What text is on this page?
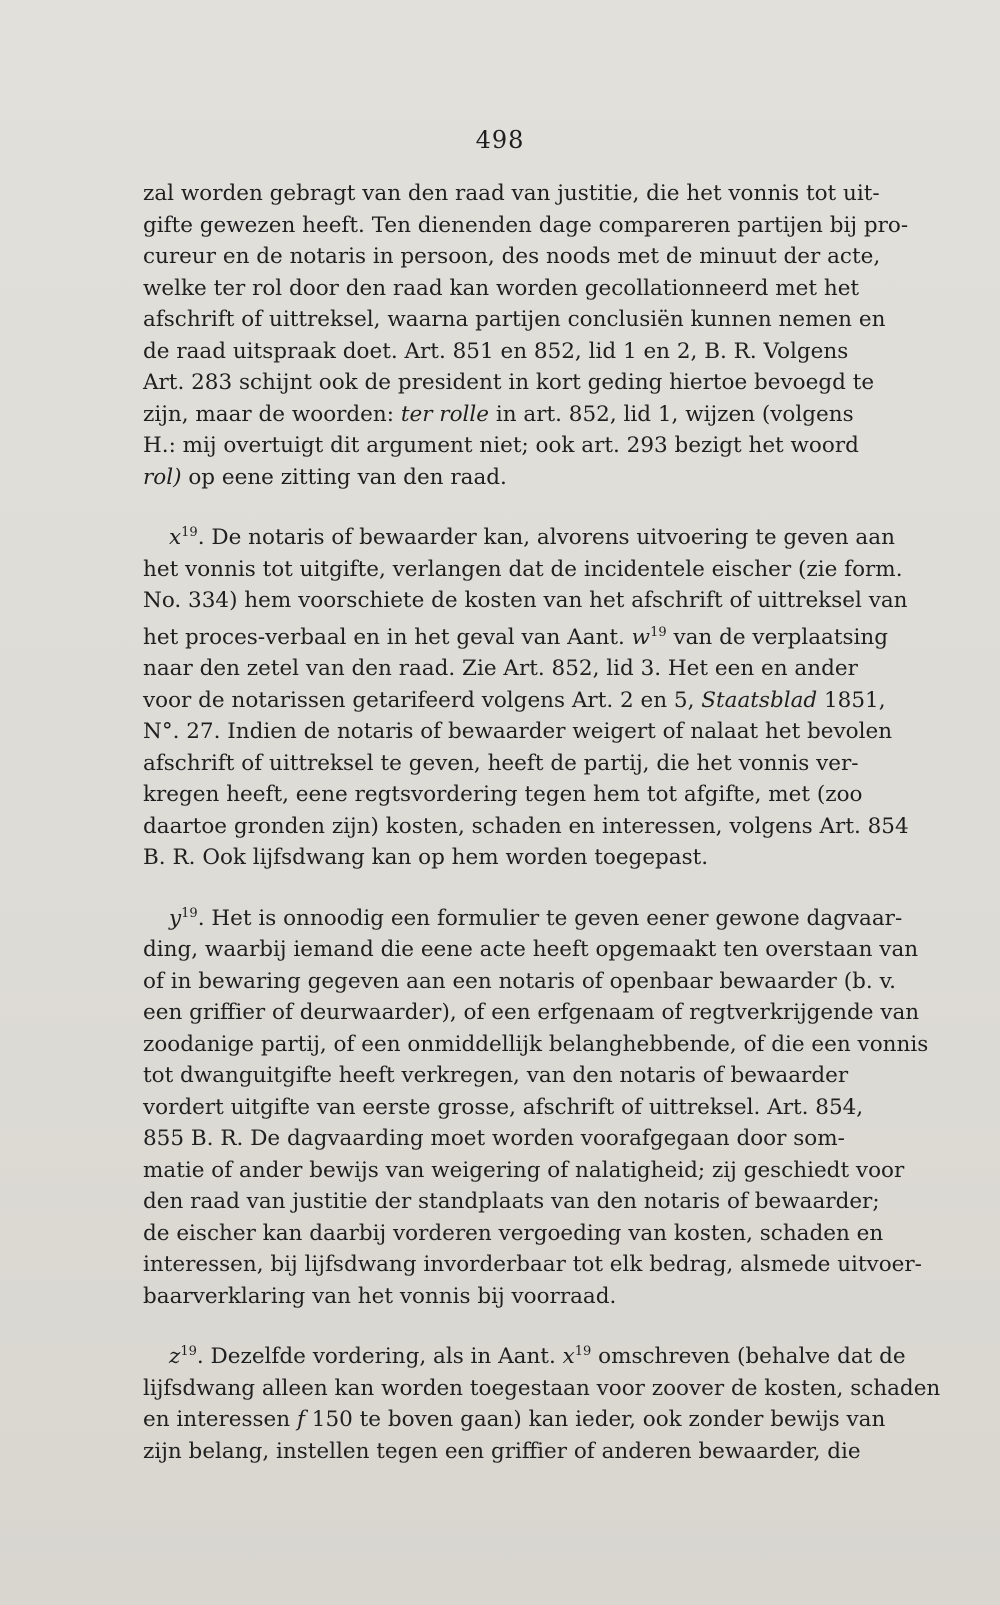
498
zal worden gebragt van den raad van justitie, die het vonnis tot uit-
gifte gewezen heeft. Ten dienenden dage compareren partijen bij pro-
cureur en de notaris in persoon, des noods met de minuut der acte,
welke ter rol door den raad kan worden gecollationneerd met het
afschrift of uittreksel, waarna partijen conclusiën kunnen nemen en
de raad uitspraak doet. Art. 851 en 852, lid 1 en 2, B. R. Volgens
Art. 283 schijnt ook de president in kort geding hiertoe bevoegd te
zijn, maar de woorden: ter rolle in art. 852, lid 1, wijzen (volgens
H.: mij overtuigt dit argument niet; ook art. 293 bezigt het woord
rol) op eene zitting van den raad.
$x^{19}$. De notaris of bewaarder kan, alvorens uitvoering te geven aan
het vonnis tot uitgifte, verlangen dat de incidentele eischer (zie form.
No. 334) hem voorschiete de kosten van het afschrift of uittreksel van
het proces-verbaal en in het geval van Aant. $w^{19}$ van de verplaatsing
naar den zetel van den raad. Zie Art. 852, lid 3. Het een en ander
voor de notarissen getarifeerd volgens Art. 2 en 5, Staatsblad 1851,
N°. 27. Indien de notaris of bewaarder weigert of nalaat het bevolen
afschrift of uittreksel te geven, heeft de partij, die het vonnis ver-
kregen heeft, eene regtsvordering tegen hem tot afgifte, met (zoo
daartoe gronden zijn) kosten, schaden en interessen, volgens Art. 854
B. R. Ook lijfsdwang kan op hem worden toegepast.
$y^{19}$. Het is onnoodig een formulier te geven eener gewone dagvaar-
ding, waarbij iemand die eene acte heeft opgemaakt ten overstaan van
of in bewaring gegeven aan een notaris of openbaar bewaarder (b. v.
een griffier of deurwaarder), of een erfgenaam of regtverkrijgende van
zoodanige partij, of een onmiddellijk belanghebbende, of die een vonnis
tot dwanguitgifte heeft verkregen, van den notaris of bewaarder
vordert uitgifte van eerste grosse, afschrift of uittreksel. Art. 854,
855 B. R. De dagvaarding moet worden voorafgegaan door som-
matie of ander bewijs van weigering of nalatigheid; zij geschiedt voor
den raad van justitie der standplaats van den notaris of bewaarder;
de eischer kan daarbij vorderen vergoeding van kosten, schaden en
interessen, bij lijfsdwang invorderbaar tot elk bedrag, alsmede uitvoer-
baarverklaring van het vonnis bij voorraad.
$z^{19}$. Dezelfde vordering, als in Aant. $x^{19}$ omschreven (behalve dat de
lijfsdwang alleen kan worden toegestaan voor zoover de kosten, schaden
en interessen f 150 te boven gaan) kan ieder, ook zonder bewijs van
zijn belang, instellen tegen een griffier of anderen bewaarder, die
